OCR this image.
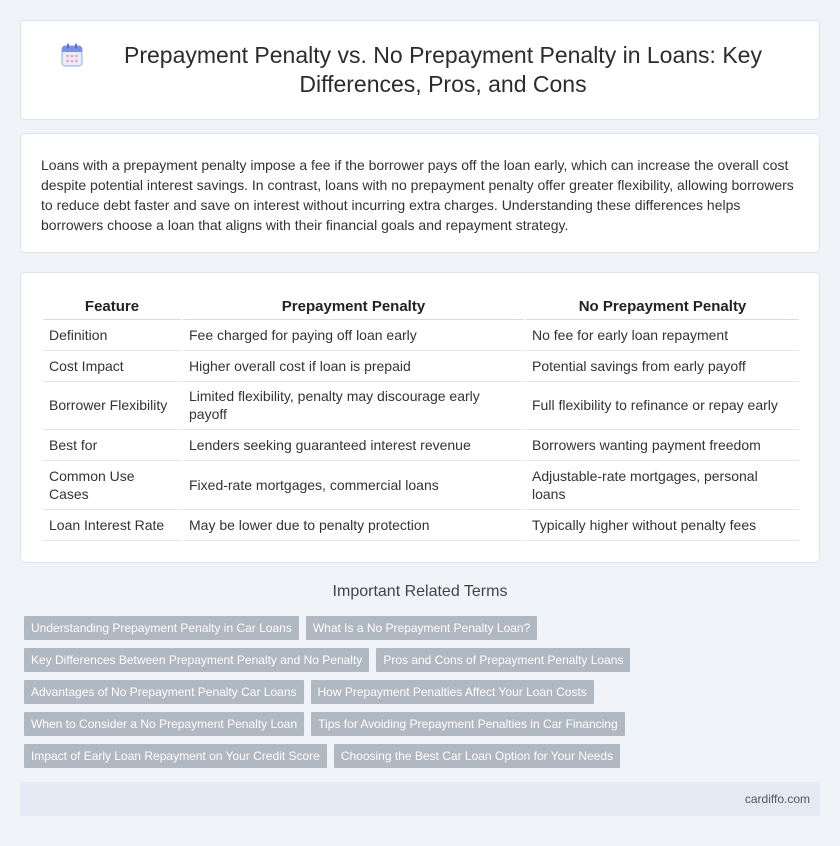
Prepayment Penalty vs. No Prepayment Penalty in Loans: Key Differences, Pros, and Cons

Loans with a prepayment penalty impose a fee if the borrower pays off the loan early, which can increase the overall cost despite potential interest savings. In contrast, loans with no prepayment penalty offer greater flexibility, allowing borrowers to reduce debt faster and save on interest without incurring extra charges. Understanding these differences helps borrowers choose a loan that aligns with their financial goals and repayment strategy.

Feature	Prepayment Penalty	No Prepayment Penalty
Definition	Fee charged for paying off loan early	No fee for early loan repayment
Cost Impact	Higher overall cost if loan is prepaid	Potential savings from early payoff
Borrower Flexibility	Limited flexibility, penalty may discourage early payoff	Full flexibility to refinance or repay early
Best for	Lenders seeking guaranteed interest revenue	Borrowers wanting payment freedom
Common Use Cases	Fixed-rate mortgages, commercial loans	Adjustable-rate mortgages, personal loans
Loan Interest Rate	May be lower due to penalty protection	Typically higher without penalty fees
Important Related Terms
Understanding Prepayment Penalty in Car Loans	What Is a No Prepayment Penalty Loan?
Key Differences Between Prepayment Penalty and No Penalty	Pros and Cons of Prepayment Penalty Loans
Advantages of No Prepayment Penalty Car Loans	How Prepayment Penalties Affect Your Loan Costs
When to Consider a No Prepayment Penalty Loan	Tips for Avoiding Prepayment Penalties in Car Financing
Impact of Early Loan Repayment on Your Credit Score	Choosing the Best Car Loan Option for Your Needs
cardiffo.com
